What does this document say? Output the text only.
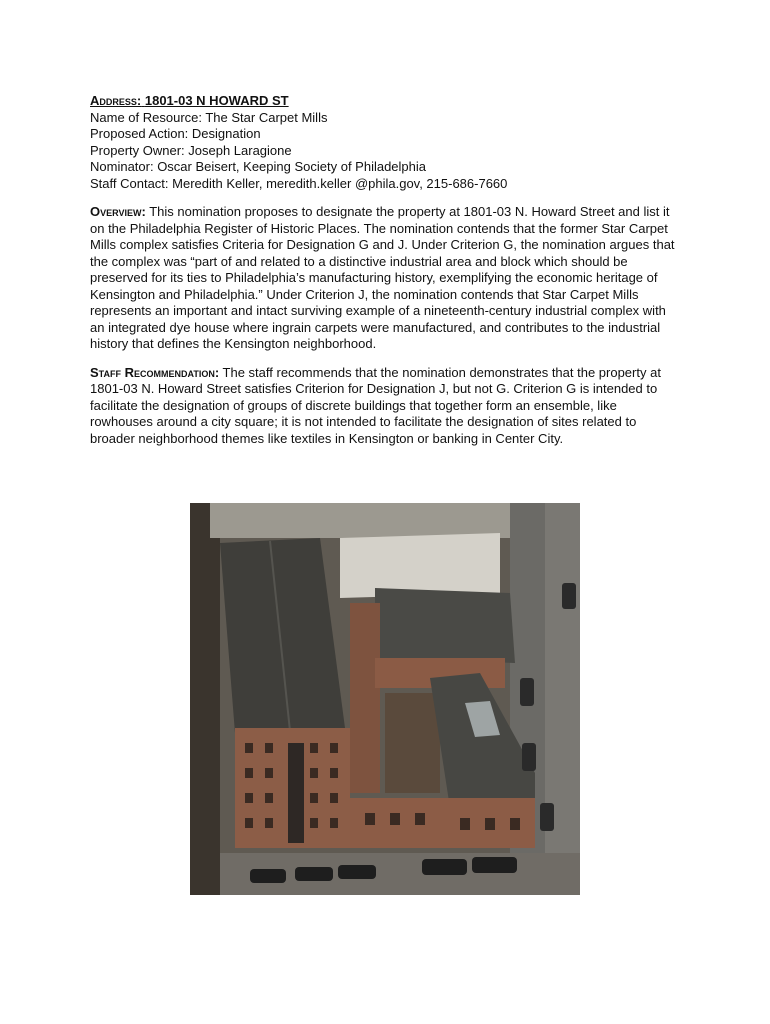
Address: 1801-03 N HOWARD ST
Name of Resource: The Star Carpet Mills
Proposed Action: Designation
Property Owner: Joseph Laragione
Nominator: Oscar Beisert, Keeping Society of Philadelphia
Staff Contact: Meredith Keller, meredith.keller @phila.gov, 215-686-7660
Overview: This nomination proposes to designate the property at 1801-03 N. Howard Street and list it on the Philadelphia Register of Historic Places. The nomination contends that the former Star Carpet Mills complex satisfies Criteria for Designation G and J. Under Criterion G, the nomination argues that the complex was “part of and related to a distinctive industrial area and block which should be preserved for its ties to Philadelphia’s manufacturing history, exemplifying the economic heritage of Kensington and Philadelphia.” Under Criterion J, the nomination contends that Star Carpet Mills represents an important and intact surviving example of a nineteenth-century industrial complex with an integrated dye house where ingrain carpets were manufactured, and contributes to the industrial history that defines the Kensington neighborhood.
Staff Recommendation: The staff recommends that the nomination demonstrates that the property at 1801-03 N. Howard Street satisfies Criterion for Designation J, but not G. Criterion G is intended to facilitate the designation of groups of discrete buildings that together form an ensemble, like rowhouses around a city square; it is not intended to facilitate the designation of sites related to broader neighborhood themes like textiles in Kensington or banking in Center City.
